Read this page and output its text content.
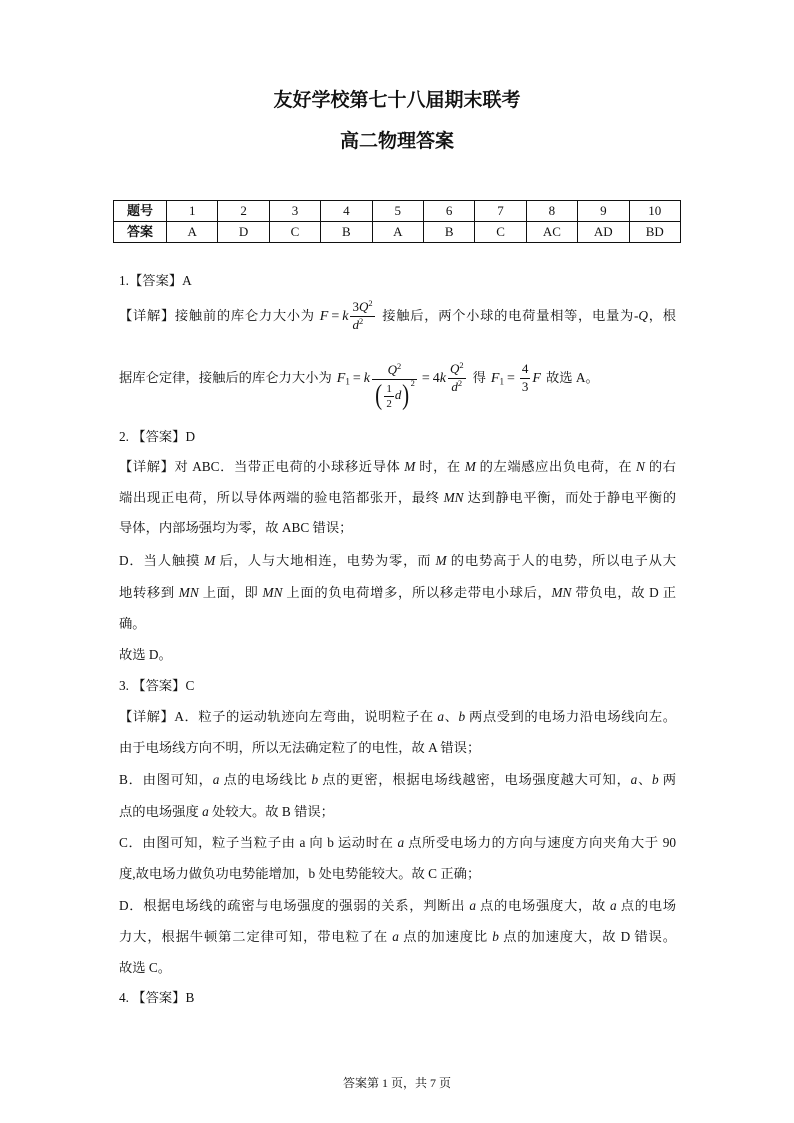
友好学校第七十八届期末联考
高二物理答案
题号	1	2	3	4	5	6	7	8	9	10
答案	A	D	C	B	A	B	C	AC	AD	BD
1.【答案】A
【详解】接触前的库仑力大小为 F = k $\frac{3Q^2}{d^2}$ 接触后，两个小球的电荷量相等，电量为-Q，根
据库仑定律，接触后的库仑力大小为 $F_1 = k \frac{Q^2}{( \frac{1}{2} d)^2} = 4k \frac{Q^2}{d^2}$ 得 $F_1 = \frac{4}{3}$ F 故选 A。
2. 【答案】D
【详解】对 ABC．当带正电荷的小球移近导体 M 时，在 M 的左端感应出负电荷，在 N 的右
端出现正电荷，所以导体两端的验电箔都张开，最终 MN 达到静电平衡，而处于静电平衡的
导体，内部场强均为零，故 ABC 错误；
D．当人触摸 M 后，人与大地相连，电势为零，而 M 的电势高于人的电势，所以电子从大
地转移到 MN 上面，即 MN 上面的负电荷增多，所以移走带电小球后，MN 带负电，故 D 正
确。
故选 D。
3. 【答案】C
【详解】A．粒子的运动轨迹向左弯曲，说明粒子在 a、b 两点受到的电场力沿电场线向左。
由于电场线方向不明，所以无法确定粒了的电性，故 A 错误；
B．由图可知，a 点的电场线比 b 点的更密，根据电场线越密，电场强度越大可知，a、b 两
点的电场强度 a 处较大。故 B 错误；
C．由图可知，粒子当粒子由 a 向 b 运动时在 a 点所受电场力的方向与速度方向夹角大于 90
度,故电场力做负功电势能增加，b 处电势能较大。故 C 正确；
D．根据电场线的疏密与电场强度的强弱的关系，判断出 a 点的电场强度大，故 a 点的电场
力大，根据牛顿第二定律可知，带电粒了在 a 点的加速度比 b 点的加速度大，故 D 错误。
故选 C。
4. 【答案】B
答案第 1 页，共 7 页
